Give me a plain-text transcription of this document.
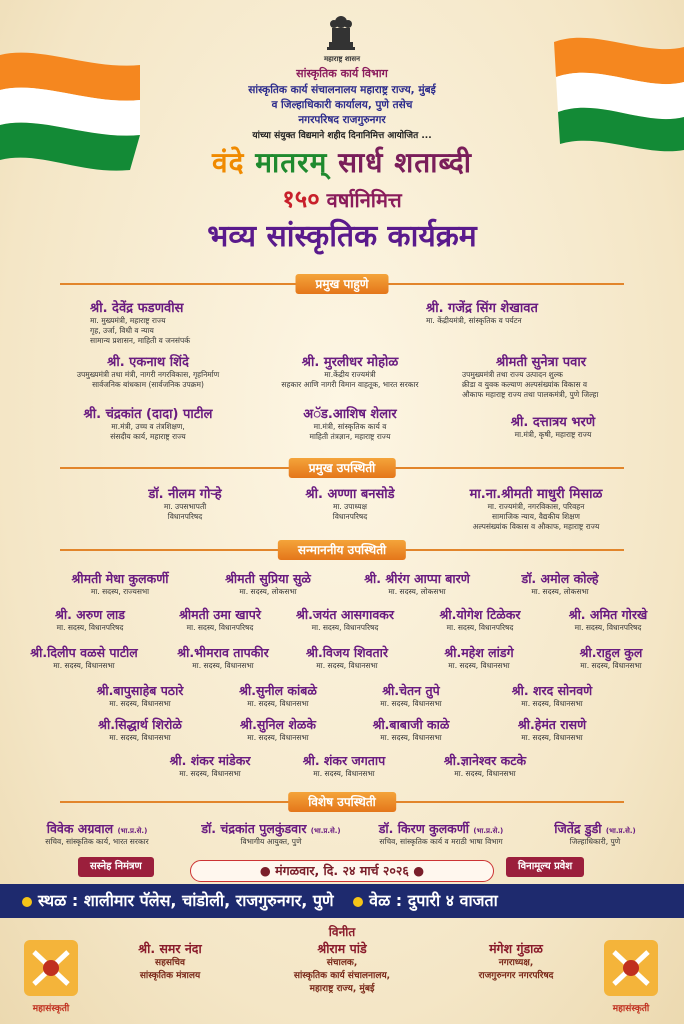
महाराष्ट्र शासन
सांस्कृतिक कार्य विभाग
सांस्कृतिक कार्य संचालनालय महाराष्ट्र राज्य, मुंबई
व जिल्हाधिकारी कार्यालय, पुणे तसेच
नगरपरिषद राजगुरुनगर
यांच्या संयुक्त विद्यमाने शहीद दिनानिमित्त आयोजित ...
वंदे मातरम् सार्ध शताब्दी
१५० वर्षानिमित्त
भव्य सांस्कृतिक कार्यक्रम
प्रमुख पाहुणे
श्री. देवेंद्र फडणवीस
मा. मुख्यमंत्री, महाराष्ट्र राज्य
गृह, उर्जा, विधी व न्याय
सामान्य प्रशासन, माहिती व जनसंपर्क
श्री. गजेंद्र सिंग शेखावत
मा. केंद्रीयमंत्री, सांस्कृतिक व पर्यटन
श्री. एकनाथ शिंदे
उपमुख्यमंत्री तथा मंत्री, नागरी नगरविकास, गृहनिर्माण
सार्वजनिक बांधकाम (सार्वजनिक उपक्रम)
श्री. मुरलीधर मोहोळ
मा.केंद्रीय राज्यमंत्री
सहकार आणि नागरी विमान वाहतूक, भारत सरकार
श्रीमती सुनेत्रा पवार
उपमुख्यमंत्री तथा राज्य उत्पादन शुल्क
क्रीडा व युवक कल्याण अल्पसंख्यांक विकास व
औकाफ महाराष्ट्र राज्य तथा पालकमंत्री, पुणे जिल्हा
श्री. चंद्रकांत (दादा) पाटील
मा.मंत्री, उच्च व तंत्रशिक्षण,
संसदीय कार्य, महाराष्ट्र राज्य
अॅड.आशिष शेलार
मा.मंत्री, सांस्कृतिक कार्य व
माहिती तंत्रज्ञान, महाराष्ट्र राज्य
श्री. दत्तात्रय भरणे
मा.मंत्री, कृषी, महाराष्ट्र राज्य
प्रमुख उपस्थिती
डॉ. नीलम गोऱ्हे
मा. उपसभापती
विधानपरिषद
श्री. अण्णा बनसोडे
मा. उपाध्यक्ष
विधानपरिषद
मा.ना.श्रीमती माधुरी मिसाळ
मा. राज्यमंत्री, नगरविकास, परिवहन
सामाजिक न्याय, वैद्यकीय शिक्षण
अल्पसंख्यांक विकास व औकाफ, महाराष्ट्र राज्य
सन्माननीय उपस्थिती
श्रीमती मेधा कुलकर्णी
मा. सदस्य, राज्यसभा
श्रीमती सुप्रिया सुळे
मा. सदस्य, लोकसभा
श्री. श्रीरंग आप्पा बारणे
मा. सदस्य, लोकसभा
डॉ. अमोल कोल्हे
मा. सदस्य, लोकसभा
श्री. अरुण लाड
मा. सदस्य, विधानपरिषद
श्रीमती उमा खापरे
मा. सदस्य, विधानपरिषद
श्री.जयंत आसगावकर
मा. सदस्य, विधानपरिषद
श्री.योगेश टिळेकर
मा. सदस्य, विधानपरिषद
श्री. अमित गोरखे
मा. सदस्य, विधानपरिषद
श्री.दिलीप वळसे पाटील
मा. सदस्य, विधानसभा
श्री.भीमराव तापकीर
मा. सदस्य, विधानसभा
श्री.विजय शिवतारे
मा. सदस्य, विधानसभा
श्री.महेश लांडगे
मा. सदस्य, विधानसभा
श्री.राहुल कुल
मा. सदस्य, विधानसभा
श्री.बापुसाहेब पठारे
मा. सदस्य, विधानसभा
श्री.सुनील कांबळे
मा. सदस्य, विधानसभा
श्री.चेतन तुपे
मा. सदस्य, विधानसभा
श्री. शरद सोनवणे
मा. सदस्य, विधानसभा
श्री.सिद्धार्थ शिरोळे
मा. सदस्य, विधानसभा
श्री.सुनिल शेळके
मा. सदस्य, विधानसभा
श्री.बाबाजी काळे
मा. सदस्य, विधानसभा
श्री.हेमंत रासणे
मा. सदस्य, विधानसभा
श्री. शंकर मांडेकर
मा. सदस्य, विधानसभा
श्री. शंकर जगताप
मा. सदस्य, विधानसभा
श्री.ज्ञानेश्वर कटके
मा. सदस्य, विधानसभा
विशेष उपस्थिती
विवेक अग्रवाल (भा.प्र.से.)
सचिव, सांस्कृतिक कार्य, भारत सरकार
डॉ. चंद्रकांत पुलकुंडवार (भा.प्र.से.)
विभागीय आयुक्त, पुणे
डॉ. किरण कुलकर्णी (भा.प्र.से.)
सचिव, सांस्कृतिक कार्य व मराठी भाषा विभाग
जितेंद्र डुडी (भा.प्र.से.)
जिल्हाधिकारी, पुणे
सस्नेह निमंत्रण	विनामूल्य प्रवेश
● मंगळवार, दि. २४ मार्च २०२६ ●
स्थळ : शालीमार पॅलेस, चांडोली, राजगुरुनगर, पुणे वेळ : दुपारी ४ वाजता
विनीत
श्री. समर नंदा
सहसचिव
सांस्कृतिक मंत्रालय
श्रीराम पांडे
संचालक,
सांस्कृतिक कार्य संचालनालय,
महाराष्ट्र राज्य, मुंबई
मंगेश गुंडाळ
नगराध्यक्ष,
राजगुरुनगर नगरपरिषद
महासंस्कृती	महासंस्कृती
